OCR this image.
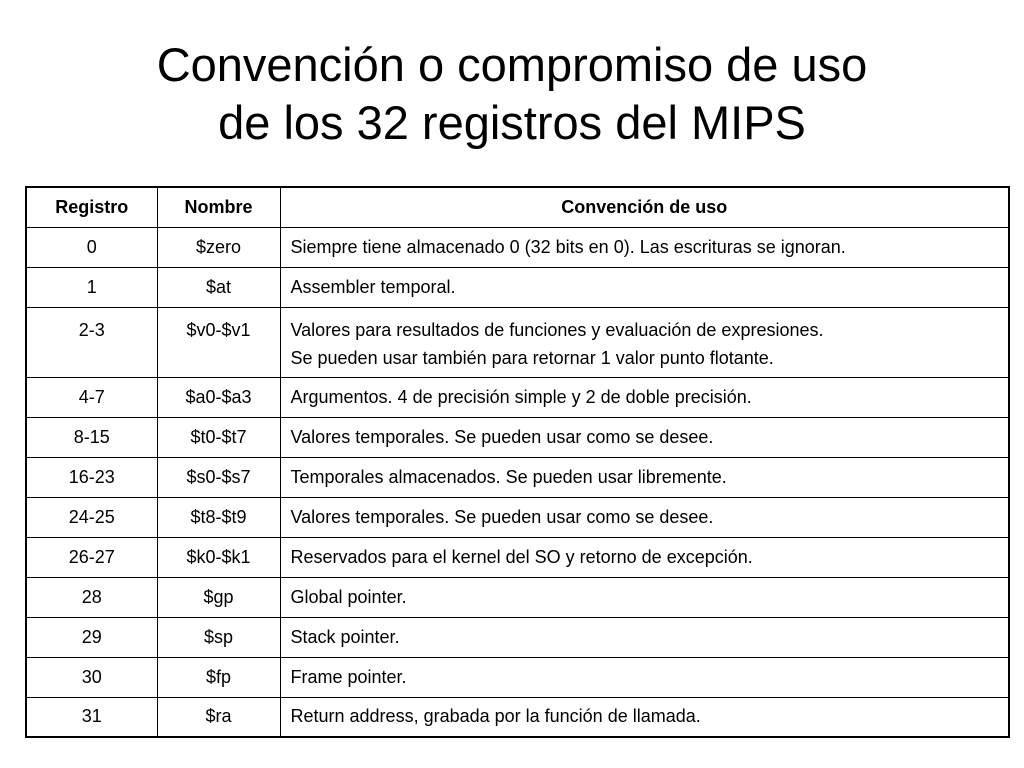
Convención o compromiso de uso
de los 32 registros del MIPS
Registro	Nombre	Convención de uso
0	$zero	Siempre tiene almacenado 0 (32 bits en 0). Las escrituras se ignoran.

1	$at	Assembler temporal.

2-3	$v0-$v1	Valores para resultados de funciones y evaluación de expresiones.
Se pueden usar también para retornar 1 valor punto flotante.

4-7	$a0-$a3	Argumentos. 4 de precisión simple y 2 de doble precisión.

8-15	$t0-$t7	Valores temporales. Se pueden usar como se desee.

16-23	$s0-$s7	Temporales almacenados. Se pueden usar libremente.

24-25	$t8-$t9	Valores temporales. Se pueden usar como se desee.

26-27	$k0-$k1	Reservados para el kernel del SO y retorno de excepción.

28	$gp	Global pointer.

29	$sp	Stack pointer.

30	$fp	Frame pointer.

31	$ra	Return address, grabada por la función de llamada.
